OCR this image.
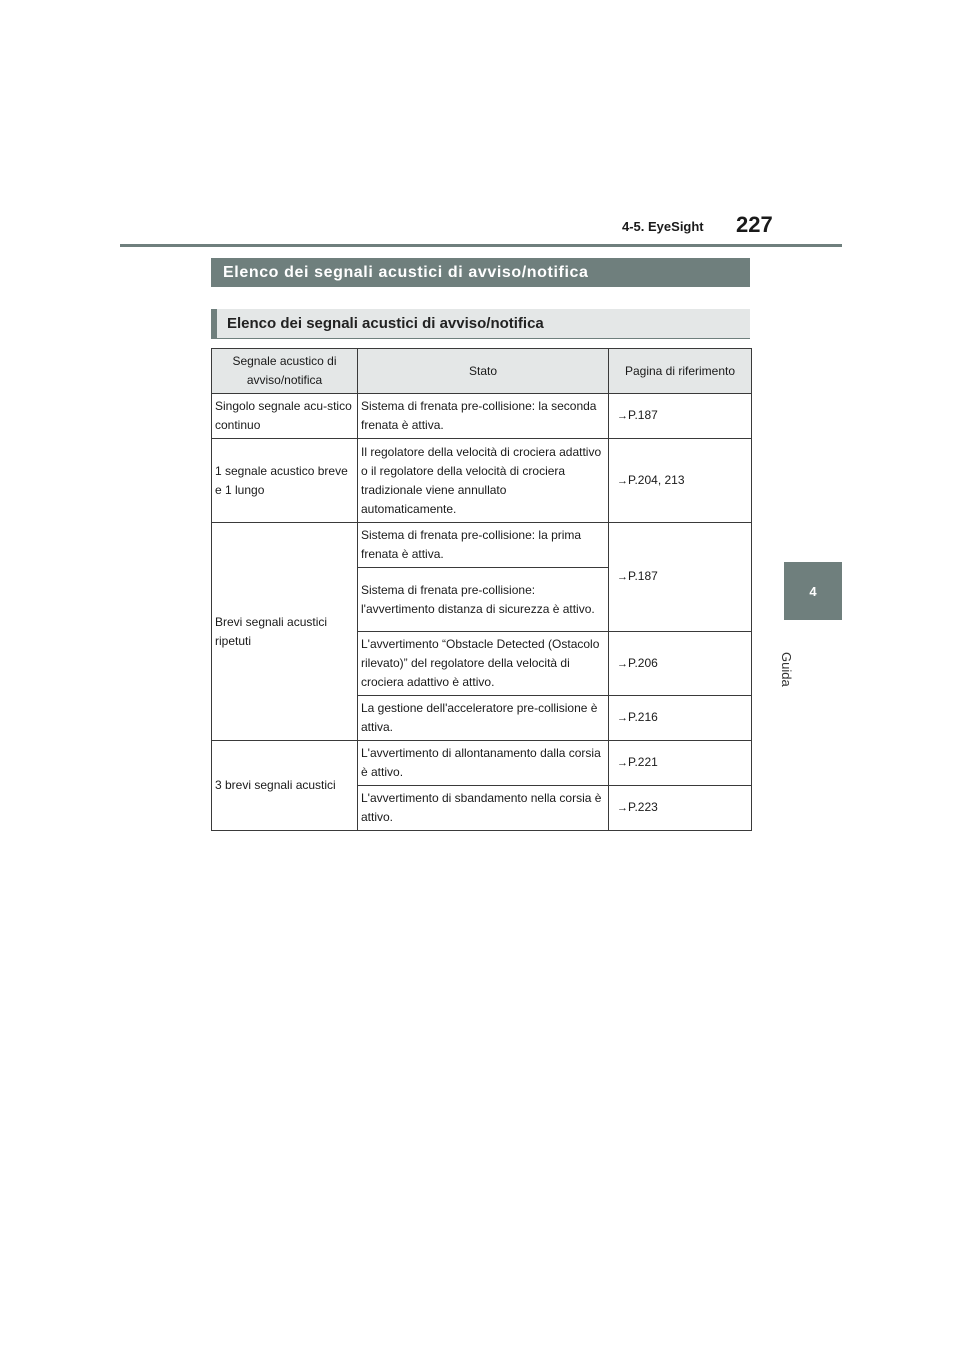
227
4-5. EyeSight
4
Guida
Elenco dei segnali acustici di avviso/notifica
Elenco dei segnali acustici di avviso/notifica
Segnale acustico di avviso/notifica	Stato	Pagina di riferimento
Singolo segnale acu-stico continuo	Sistema di frenata pre-collisione: la seconda frenata è attiva.	→P.187
1 segnale acustico breve e 1 lungo	Il regolatore della velocità di crociera adattivo o il regolatore della velocità di crociera tradizionale viene annullato automaticamente.	→P.204, 213
Brevi segnali acustici ripetuti	Sistema di frenata pre-collisione: la prima frenata è attiva.	→P.187
	Sistema di frenata pre-collisione: l'avvertimento distanza di sicurezza è attivo.	
	L'avvertimento “Obstacle Detected (Ostacolo rilevato)” del regolatore della velocità di crociera adattivo è attivo.	→P.206
	La gestione dell'acceleratore pre-collisione è attiva.	→P.216
3 brevi segnali acustici	L'avvertimento di allontanamento dalla corsia è attivo.	→P.221
	L'avvertimento di sbandamento nella corsia è attivo.	→P.223
